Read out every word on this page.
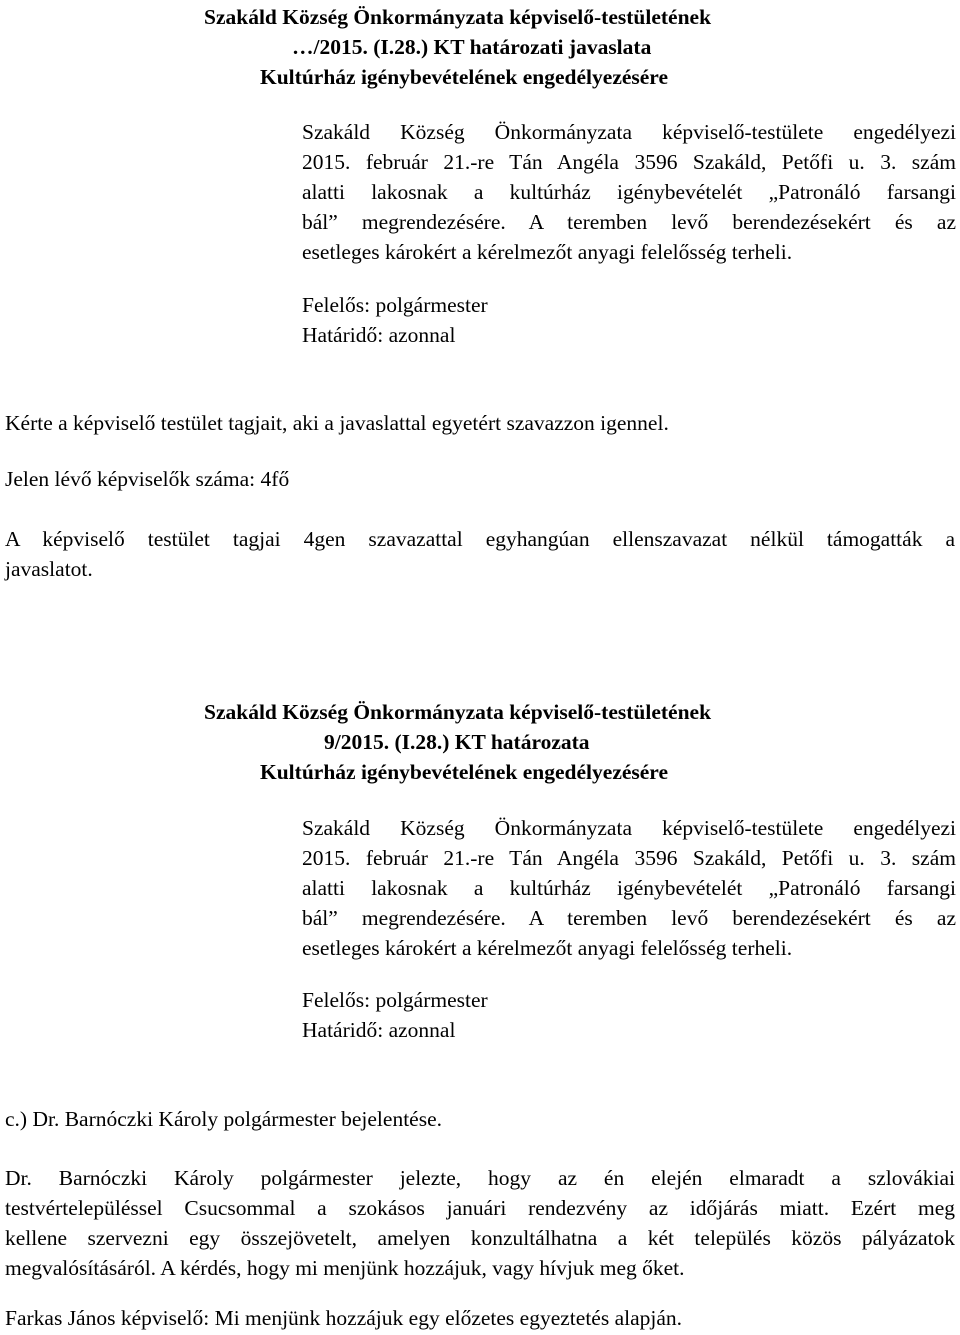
Szakáld Község Önkormányzata képviselő-testületének
…/2015. (I.28.) KT határozati javaslata
Kultúrház igénybevételének engedélyezésére
Szakáld Község Önkormányzata képviselő-testülete engedélyezi
2015. február 21.-re Tán Angéla 3596 Szakáld, Petőfi u. 3. szám
alatti lakosnak a kultúrház igénybevételét „Patronáló farsangi
bál” megrendezésére. A teremben levő berendezésekért és az
esetleges károkért a kérelmezőt anyagi felelősség terheli.
Felelős: polgármester
Határidő: azonnal
Kérte a képviselő testület tagjait, aki a javaslattal egyetért szavazzon igennel.
Jelen lévő képviselők száma: 4fő
A képviselő testület tagjai 4gen szavazattal egyhangúan ellenszavazat nélkül támogatták a
javaslatot.
Szakáld Község Önkormányzata képviselő-testületének
9/2015. (I.28.) KT határozata
Kultúrház igénybevételének engedélyezésére
Szakáld Község Önkormányzata képviselő-testülete engedélyezi
2015. február 21.-re Tán Angéla 3596 Szakáld, Petőfi u. 3. szám
alatti lakosnak a kultúrház igénybevételét „Patronáló farsangi
bál” megrendezésére. A teremben levő berendezésekért és az
esetleges károkért a kérelmezőt anyagi felelősség terheli.
Felelős: polgármester
Határidő: azonnal
c.) Dr. Barnóczki Károly polgármester bejelentése.
Dr. Barnóczki Károly polgármester jelezte, hogy az én elején elmaradt a szlovákiai
testvértelepüléssel Csucsommal a szokásos januári rendezvény az időjárás miatt. Ezért meg
kellene szervezni egy összejövetelt, amelyen konzultálhatna a két település közös pályázatok
megvalósításáról. A kérdés, hogy mi menjünk hozzájuk, vagy hívjuk meg őket.
Farkas János képviselő: Mi menjünk hozzájuk egy előzetes egyeztetés alapján.
